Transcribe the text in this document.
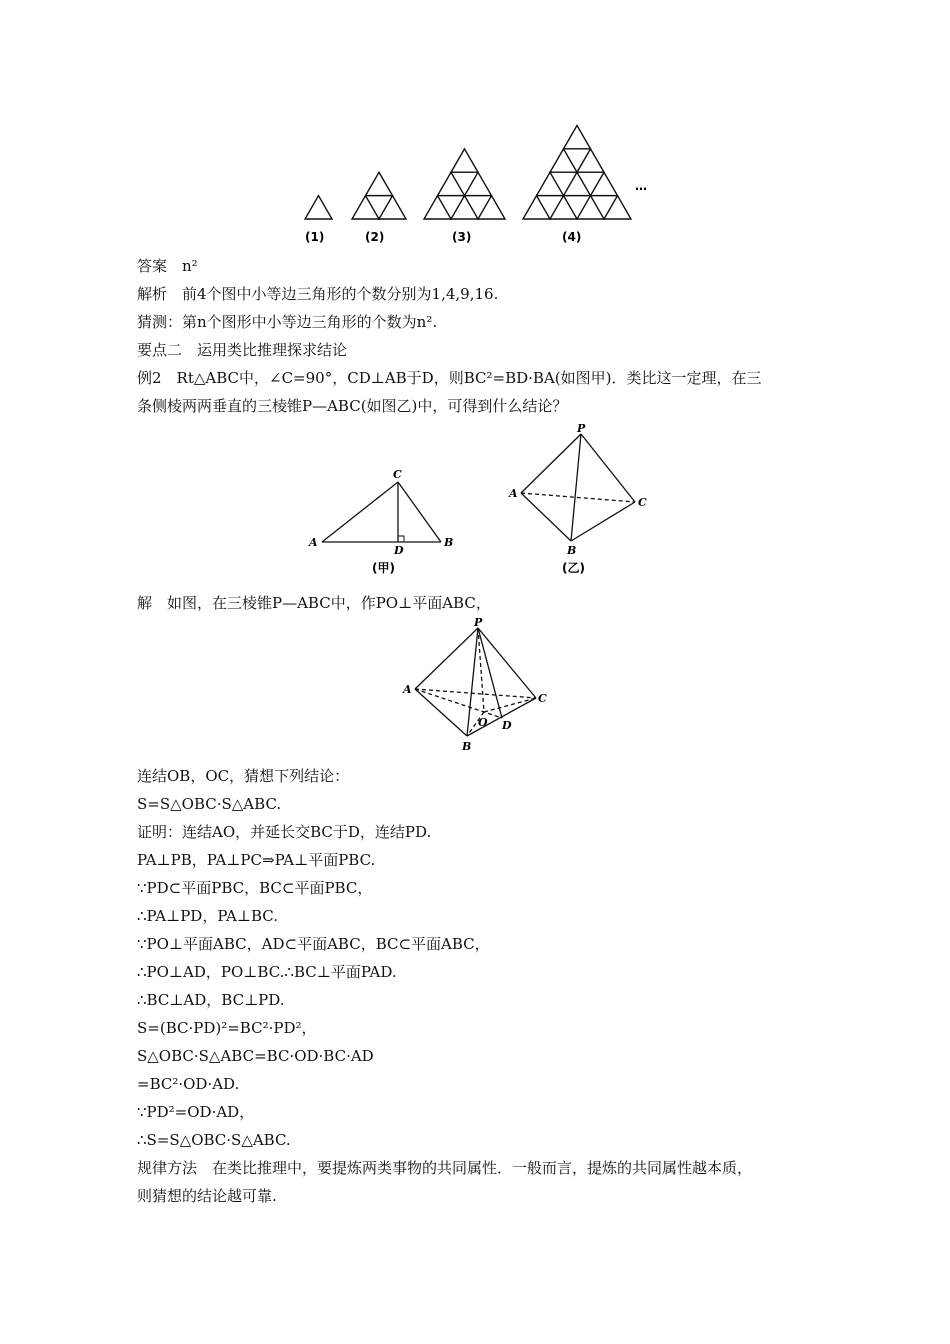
(1)	(2)	(3)	(4)
…
C
A	B
D
(甲)
P
A
B
C
(乙)
P
A
B
C
O D
答案　n²
解析　前4个图中小等边三角形的个数分别为1,4,9,16.
猜测：第n个图形中小等边三角形的个数为n².
要点二　运用类比推理探求结论
例2　Rt△ABC中，∠C=90°，CD⊥AB于D，则BC²=BD·BA(如图甲)．类比这一定理，在三
条侧棱两两垂直的三棱锥P—ABC(如图乙)中，可得到什么结论？
解　如图，在三棱锥P—ABC中，作PO⊥平面ABC，
连结OB，OC，猜想下列结论：
S=S△OBC·S△ABC.
证明：连结AO，并延长交BC于D，连结PD.
PA⊥PB，PA⊥PC⇒PA⊥平面PBC.
∵PD⊂平面PBC，BC⊂平面PBC，
∴PA⊥PD，PA⊥BC.
∵PO⊥平面ABC，AD⊂平面ABC，BC⊂平面ABC，
∴PO⊥AD，PO⊥BC.∴BC⊥平面PAD.
∴BC⊥AD，BC⊥PD.
S=(BC·PD)²=BC²·PD²，
S△OBC·S△ABC=BC·OD·BC·AD
=BC²·OD·AD.
∵PD²=OD·AD，
∴S=S△OBC·S△ABC.
规律方法　在类比推理中，要提炼两类事物的共同属性．一般而言，提炼的共同属性越本质，
则猜想的结论越可靠.
